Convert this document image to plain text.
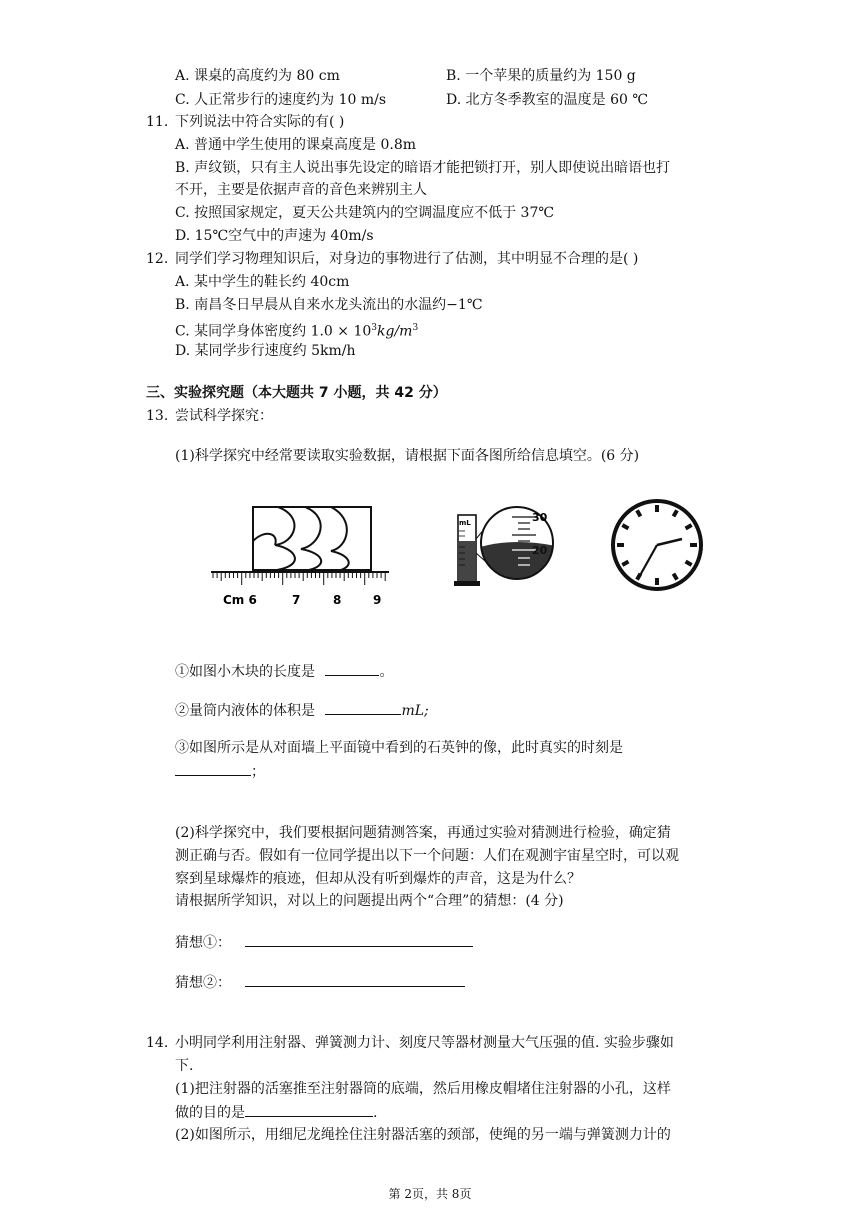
A. 课桌的高度约为 80 cm	B. 一个苹果的质量约为 150 g
C. 人正常步行的速度约为 10 m/s	D. 北方冬季教室的温度是 60 ℃
11. 下列说法中符合实际的有( )
A. 普通中学生使用的课桌高度是 0.8m
B. 声纹锁，只有主人说出事先设定的暗语才能把锁打开，别人即使说出暗语也打
不开，主要是依据声音的音色来辨别主人
C. 按照国家规定，夏天公共建筑内的空调温度应不低于 37℃
D. 15℃空气中的声速为 40m/s
12. 同学们学习物理知识后，对身边的事物进行了估测，其中明显不合理的是( )
A. 某中学生的鞋长约 40cm
B. 南昌冬日早晨从自来水龙头流出的水温约−1℃
C. 某同学身体密度约 $1.0 \times 10^3kg/m^3$
D. 某同学步行速度约 5km/h
三、实验探究题（本大题共 7 小题，共 42 分）
13. 尝试科学探究：
(1)科学探究中经常要读取实验数据，请根据下面各图所给信息填空。(6 分)
Cm 6	7	8	9
mL	30
20
①如图小木块的长度是	。
②量筒内液体的体积是	mL;
③如图所示是从对面墙上平面镜中看到的石英钟的像，此时真实的时刻是
；
(2)科学探究中，我们要根据问题猜测答案，再通过实验对猜测进行检验，确定猜
测正确与否。假如有一位同学提出以下一个问题：人们在观测宇宙星空时，可以观
察到星球爆炸的痕迹，但却从没有听到爆炸的声音，这是为什么？
请根据所学知识，对以上的问题提出两个“合理”的猜想：(4 分)
猜想①：
猜想②：
14. 小明同学利用注射器、弹簧测力计、刻度尺等器材测量大气压强的值. 实验步骤如
下.
(1)把注射器的活塞推至注射器筒的底端，然后用橡皮帽堵住注射器的小孔，这样
做的目的是	.
(2)如图所示，用细尼龙绳拴住注射器活塞的颈部，使绳的另一端与弹簧测力计的
第 2页，共 8页
